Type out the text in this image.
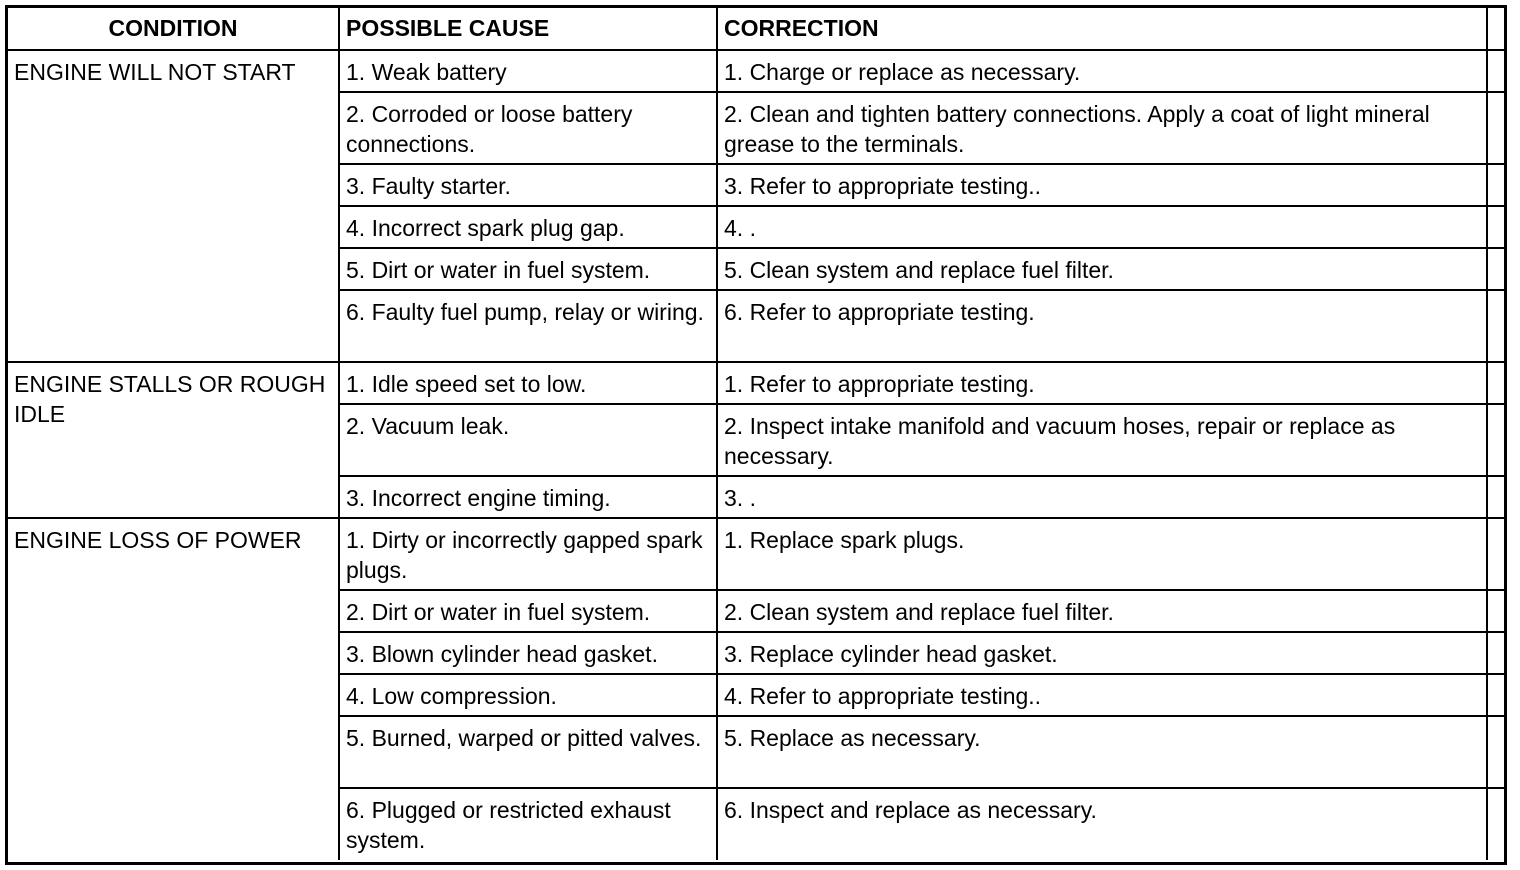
CONDITION	POSSIBLE CAUSE	CORRECTION	
ENGINE WILL NOT START	1. Weak battery	1. Charge or replace as necessary.	
	2. Corroded or loose battery connections.	2. Clean and tighten battery connections. Apply a coat of light mineral grease to the terminals.	
	3. Faulty starter.	3. Refer to appropriate testing..	
	4. Incorrect spark plug gap.	4. .	
	5. Dirt or water in fuel system.	5. Clean system and replace fuel filter.	
	6. Faulty fuel pump, relay or wiring.	6. Refer to appropriate testing.	
ENGINE STALLS OR ROUGH IDLE	1. Idle speed set to low.	1. Refer to appropriate testing.	
	2. Vacuum leak.	2. Inspect intake manifold and vacuum hoses, repair or replace as necessary.	
	3. Incorrect engine timing.	3. .	
ENGINE LOSS OF POWER	1. Dirty or incorrectly gapped spark plugs.	1. Replace spark plugs.	
	2. Dirt or water in fuel system.	2. Clean system and replace fuel filter.	
	3. Blown cylinder head gasket.	3. Replace cylinder head gasket.	
	4. Low compression.	4. Refer to appropriate testing..	
	5. Burned, warped or pitted valves.	5. Replace as necessary.	
	6. Plugged or restricted exhaust system.	6. Inspect and replace as necessary.	
